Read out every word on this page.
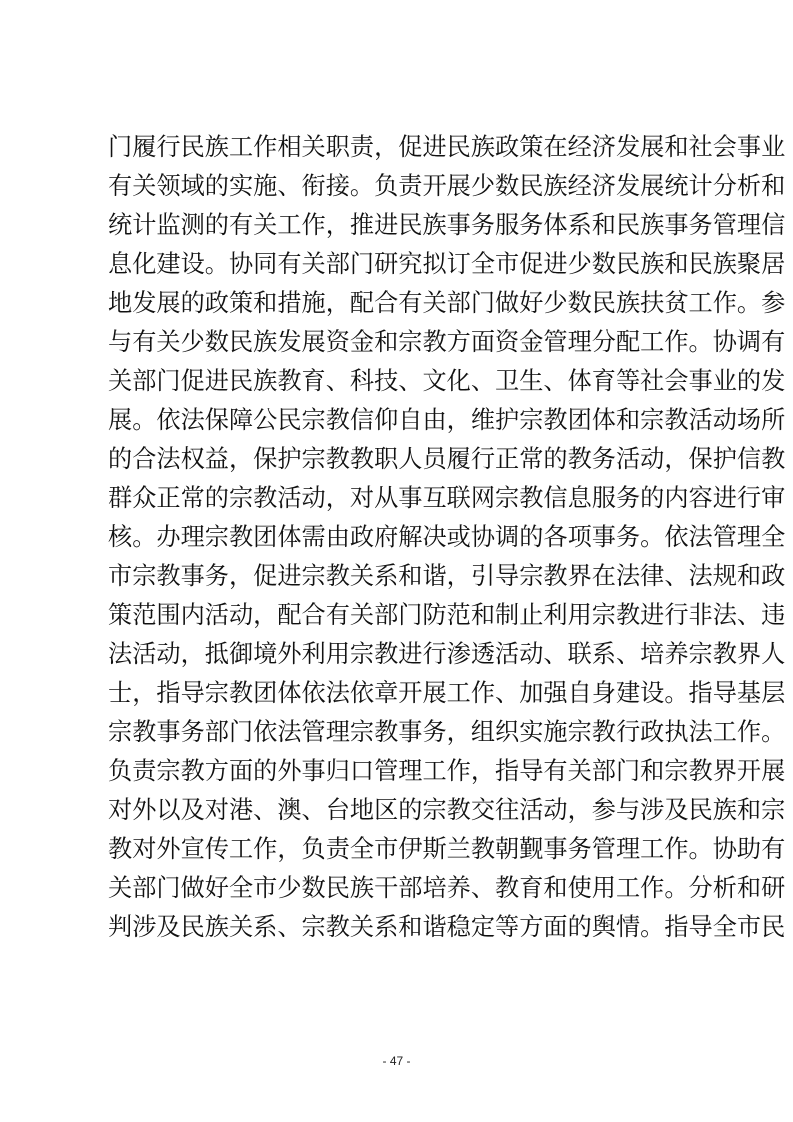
门履行民族工作相关职责，促进民族政策在经济发展和社会事业
有关领域的实施、衔接。负责开展少数民族经济发展统计分析和
统计监测的有关工作，推进民族事务服务体系和民族事务管理信
息化建设。协同有关部门研究拟订全市促进少数民族和民族聚居
地发展的政策和措施，配合有关部门做好少数民族扶贫工作。参
与有关少数民族发展资金和宗教方面资金管理分配工作。协调有
关部门促进民族教育、科技、文化、卫生、体育等社会事业的发
展。依法保障公民宗教信仰自由，维护宗教团体和宗教活动场所
的合法权益，保护宗教教职人员履行正常的教务活动，保护信教
群众正常的宗教活动，对从事互联网宗教信息服务的内容进行审
核。办理宗教团体需由政府解决或协调的各项事务。依法管理全
市宗教事务，促进宗教关系和谐，引导宗教界在法律、法规和政
策范围内活动，配合有关部门防范和制止利用宗教进行非法、违
法活动，抵御境外利用宗教进行渗透活动、联系、培养宗教界人
士，指导宗教团体依法依章开展工作、加强自身建设。指导基层
宗教事务部门依法管理宗教事务，组织实施宗教行政执法工作。
负责宗教方面的外事归口管理工作，指导有关部门和宗教界开展
对外以及对港、澳、台地区的宗教交往活动，参与涉及民族和宗
教对外宣传工作，负责全市伊斯兰教朝觐事务管理工作。协助有
关部门做好全市少数民族干部培养、教育和使用工作。分析和研
判涉及民族关系、宗教关系和谐稳定等方面的舆情。指导全市民
- 47 -
